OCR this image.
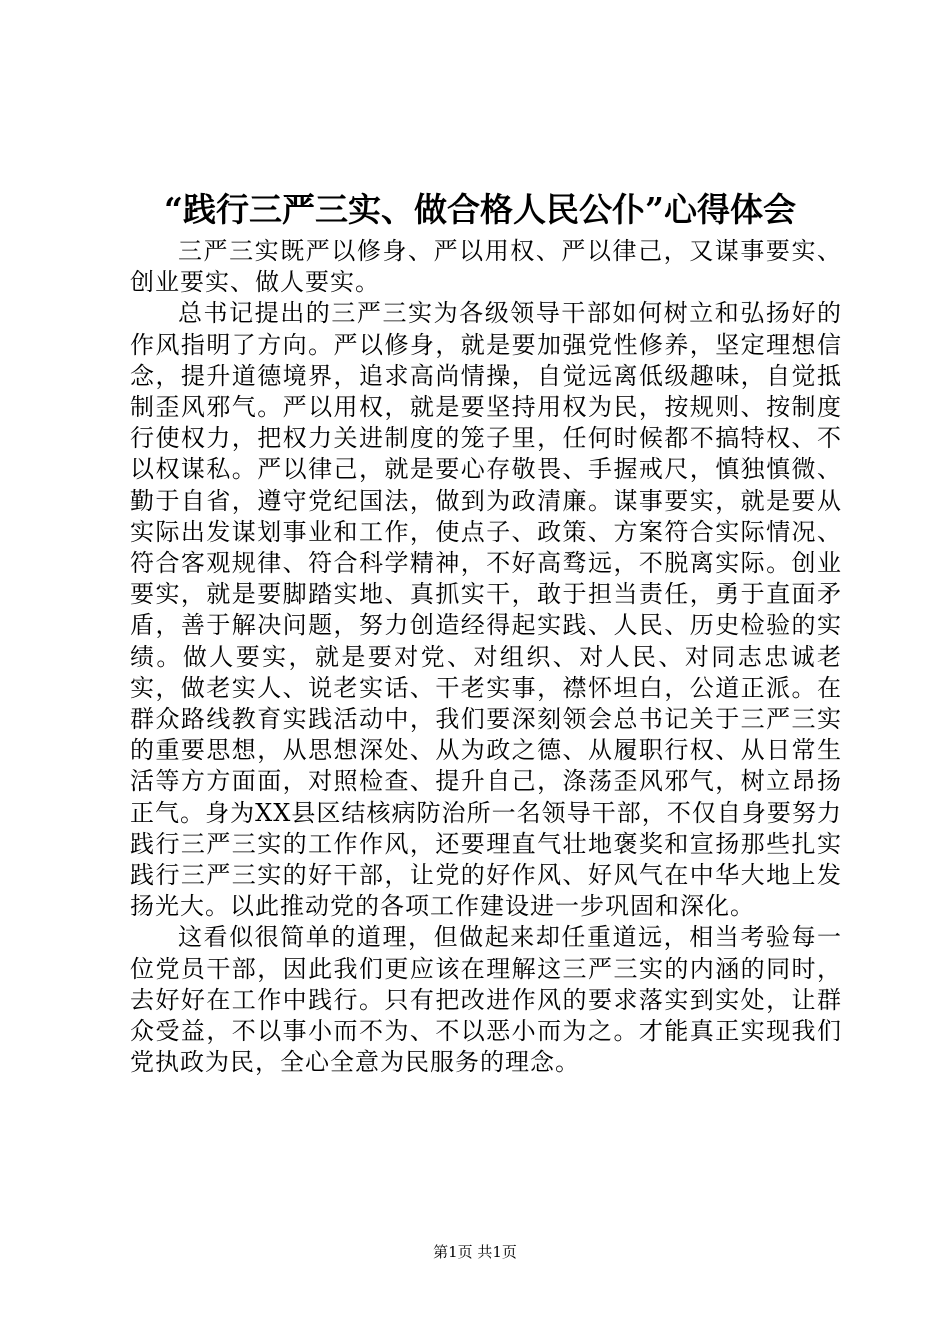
“践行三严三实、做合格人民公仆”心得体会

三严三实既严以修身、严以用权、严以律己，又谋事要实、创业要实、做人要实。

总书记提出的三严三实为各级领导干部如何树立和弘扬好的作风指明了方向。严以修身，就是要加强党性修养，坚定理想信念，提升道德境界，追求高尚情操，自觉远离低级趣味，自觉抵制歪风邪气。严以用权，就是要坚持用权为民，按规则、按制度行使权力，把权力关进制度的笼子里，任何时候都不搞特权、不以权谋私。严以律己，就是要心存敬畏、手握戒尺，慎独慎微、勤于自省，遵守党纪国法，做到为政清廉。谋事要实，就是要从实际出发谋划事业和工作，使点子、政策、方案符合实际情况、符合客观规律、符合科学精神，不好高骛远，不脱离实际。创业要实，就是要脚踏实地、真抓实干，敢于担当责任，勇于直面矛盾，善于解决问题，努力创造经得起实践、人民、历史检验的实绩。做人要实，就是要对党、对组织、对人民、对同志忠诚老实，做老实人、说老实话、干老实事，襟怀坦白，公道正派。在群众路线教育实践活动中，我们要深刻领会总书记关于三严三实的重要思想，从思想深处、从为政之德、从履职行权、从日常生活等方方面面，对照检查、提升自己，涤荡歪风邪气，树立昂扬正气。身为XX县区结核病防治所一名领导干部，不仅自身要努力践行三严三实的工作作风，还要理直气壮地褒奖和宣扬那些扎实践行三严三实的好干部，让党的好作风、好风气在中华大地上发扬光大。以此推动党的各项工作建设进一步巩固和深化。

这看似很简单的道理，但做起来却任重道远，相当考验每一位党员干部，因此我们更应该在理解这三严三实的内涵的同时，去好好在工作中践行。只有把改进作风的要求落实到实处，让群众受益，不以事小而不为、不以恶小而为之。才能真正实现我们党执政为民，全心全意为民服务的理念。

第1页 共1页
